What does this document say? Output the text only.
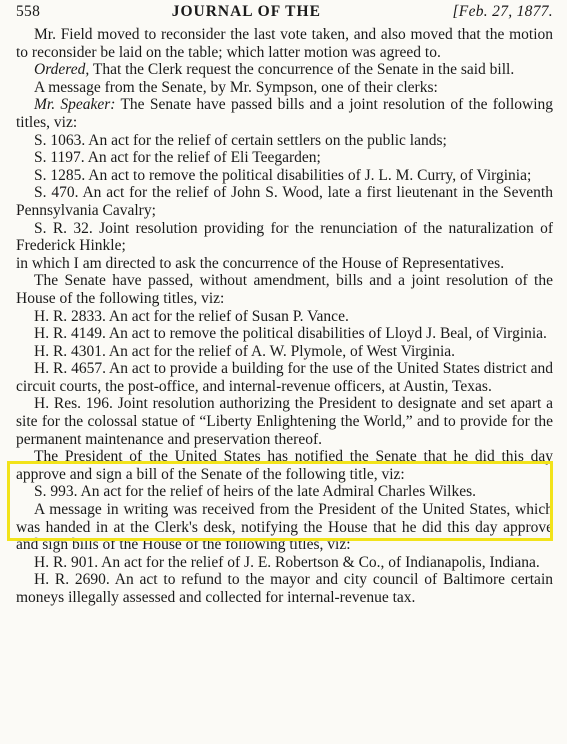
558	JOURNAL OF THE	[Feb. 27, 1877.

Mr. Field moved to reconsider the last vote taken, and also moved that the motion to reconsider be laid on the table; which latter motion was agreed to.

Ordered, That the Clerk request the concurrence of the Senate in the said bill.

A message from the Senate, by Mr. Sympson, one of their clerks:

Mr. Speaker: The Senate have passed bills and a joint resolution of the following titles, viz:

S. 1063. An act for the relief of certain settlers on the public lands;

S. 1197. An act for the relief of Eli Teegarden;

S. 1285. An act to remove the political disabilities of J. L. M. Curry, of Virginia;

S. 470. An act for the relief of John S. Wood, late a first lieutenant in the Seventh Pennsylvania Cavalry;

S. R. 32. Joint resolution providing for the renunciation of the naturalization of Frederick Hinkle;

in which I am directed to ask the concurrence of the House of Representatives.

The Senate have passed, without amendment, bills and a joint resolution of the House of the following titles, viz:

H. R. 2833. An act for the relief of Susan P. Vance.

H. R. 4149. An act to remove the political disabilities of Lloyd J. Beal, of Virginia.

H. R. 4301. An act for the relief of A. W. Plymole, of West Virginia.

H. R. 4657. An act to provide a building for the use of the United States district and circuit courts, the post-office, and internal-revenue officers, at Austin, Texas.

H. Res. 196. Joint resolution authorizing the President to designate and set apart a site for the colossal statue of “Liberty Enlightening the World,” and to provide for the permanent maintenance and preservation thereof.

The President of the United States has notified the Senate that he did this day approve and sign a bill of the Senate of the following title, viz:

S. 993. An act for the relief of heirs of the late Admiral Charles Wilkes.

A message in writing was received from the President of the United States, which was handed in at the Clerk's desk, notifying the House that he did this day approve and sign bills of the House of the following titles, viz:

H. R. 901. An act for the relief of J. E. Robertson & Co., of Indianapolis, Indiana.

H. R. 2690. An act to refund to the mayor and city council of Baltimore certain moneys illegally assessed and collected for internal-revenue tax.
